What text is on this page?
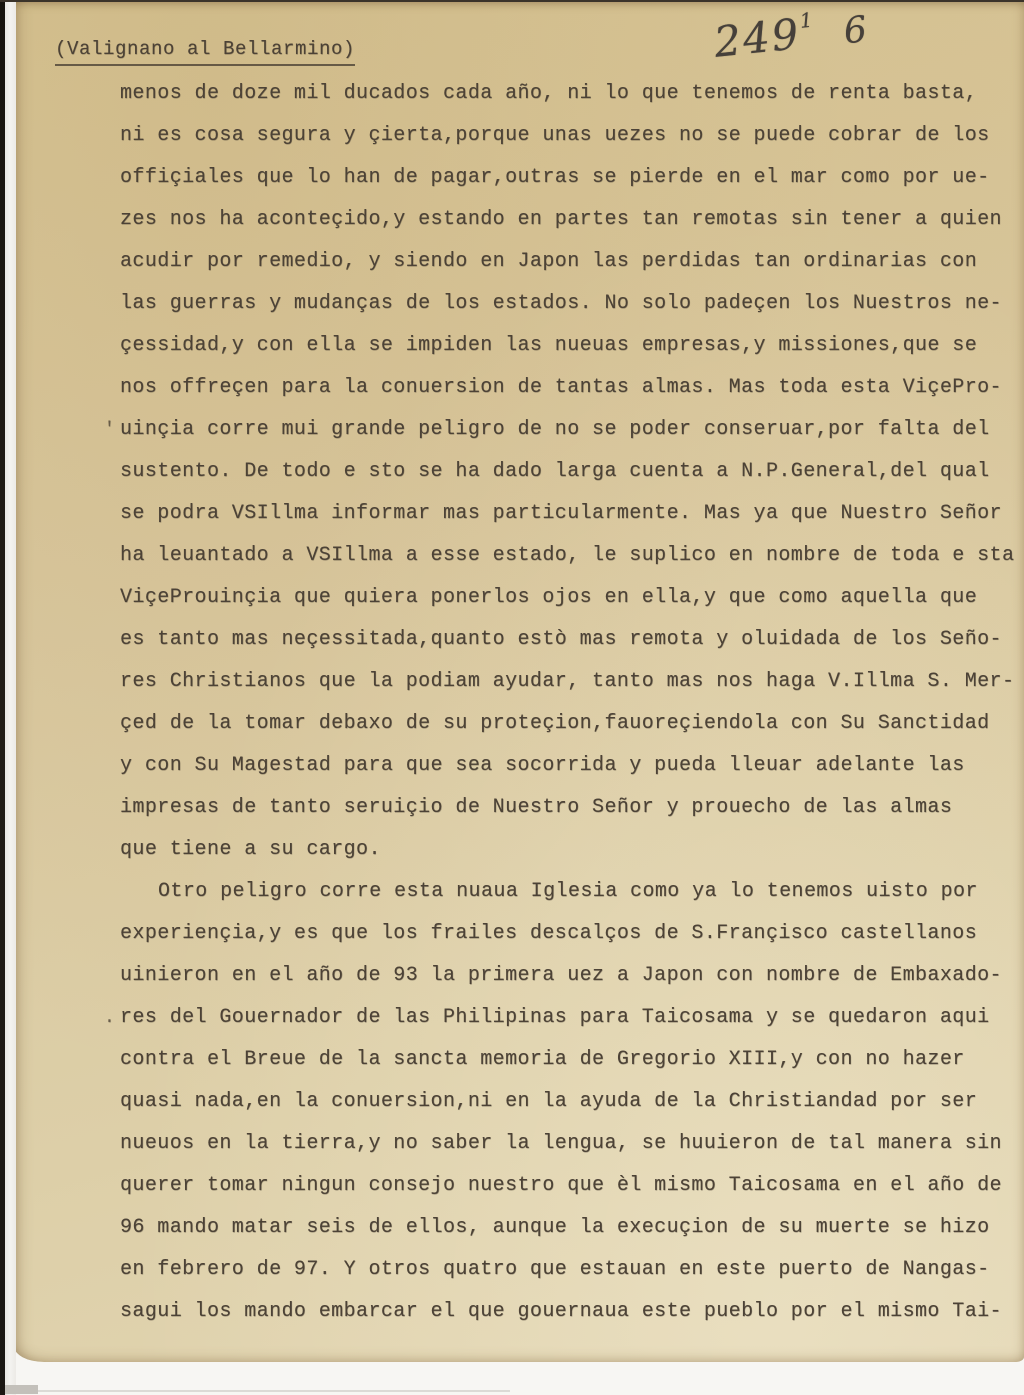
(Valignano al Bellarmino)	2491 6
menos de doze mil ducados cada año, ni lo que tenemos de renta basta,
ni es cosa segura y çierta,porque unas uezes no se puede cobrar de los
offiçiales que lo han de pagar,outras se pierde en el mar como por ue-
zes nos ha aconteçido,y estando en partes tan remotas sin tener a quien
acudir por remedio, y siendo en Japon las perdidas tan ordinarias con
las guerras y mudanças de los estados. No solo padeçen los Nuestros ne-
çessidad,y con ella se impiden las nueuas empresas,y missiones,que se
nos offreçen para la conuersion de tantas almas. Mas toda esta ViçePro-
' uinçia corre mui grande peligro de no se poder conseruar,por falta del
sustento. De todo e sto se ha dado larga cuenta a N.P.General,del qual
se podra VSIllma informar mas particularmente. Mas ya que Nuestro Señor
ha leuantado a VSIllma a esse estado, le suplico en nombre de toda e sta
ViçeProuinçia que quiera ponerlos ojos en ella,y que como aquella que
es tanto mas neçessitada,quanto estò mas remota y oluidada de los Seño-
res Christianos que la podiam ayudar, tanto mas nos haga V.Illma S. Mer-
çed de la tomar debaxo de su proteçion,fauoreçiendola con Su Sanctidad
y con Su Magestad para que sea socorrida y pueda lleuar adelante las
impresas de tanto seruiçio de Nuestro Señor y prouecho de las almas
que tiene a su cargo.
Otro peligro corre esta nuaua Iglesia como ya lo tenemos uisto por
experiençia,y es que los frailes descalços de S.Françisco castellanos
uinieron en el año de 93 la primera uez a Japon con nombre de Embaxado-
. res del Gouernador de las Philipinas para Taicosama y se quedaron aqui
contra el Breue de la sancta memoria de Gregorio XIII,y con no hazer
quasi nada,en la conuersion,ni en la ayuda de la Christiandad por ser
nueuos en la tierra,y no saber la lengua, se huuieron de tal manera sin
querer tomar ningun consejo nuestro que èl mismo Taicosama en el año de
96 mando matar seis de ellos, aunque la execuçion de su muerte se hizo
en febrero de 97. Y otros quatro que estauan en este puerto de Nangas-
sagui los mando embarcar el que gouernaua este pueblo por el mismo Tai-
